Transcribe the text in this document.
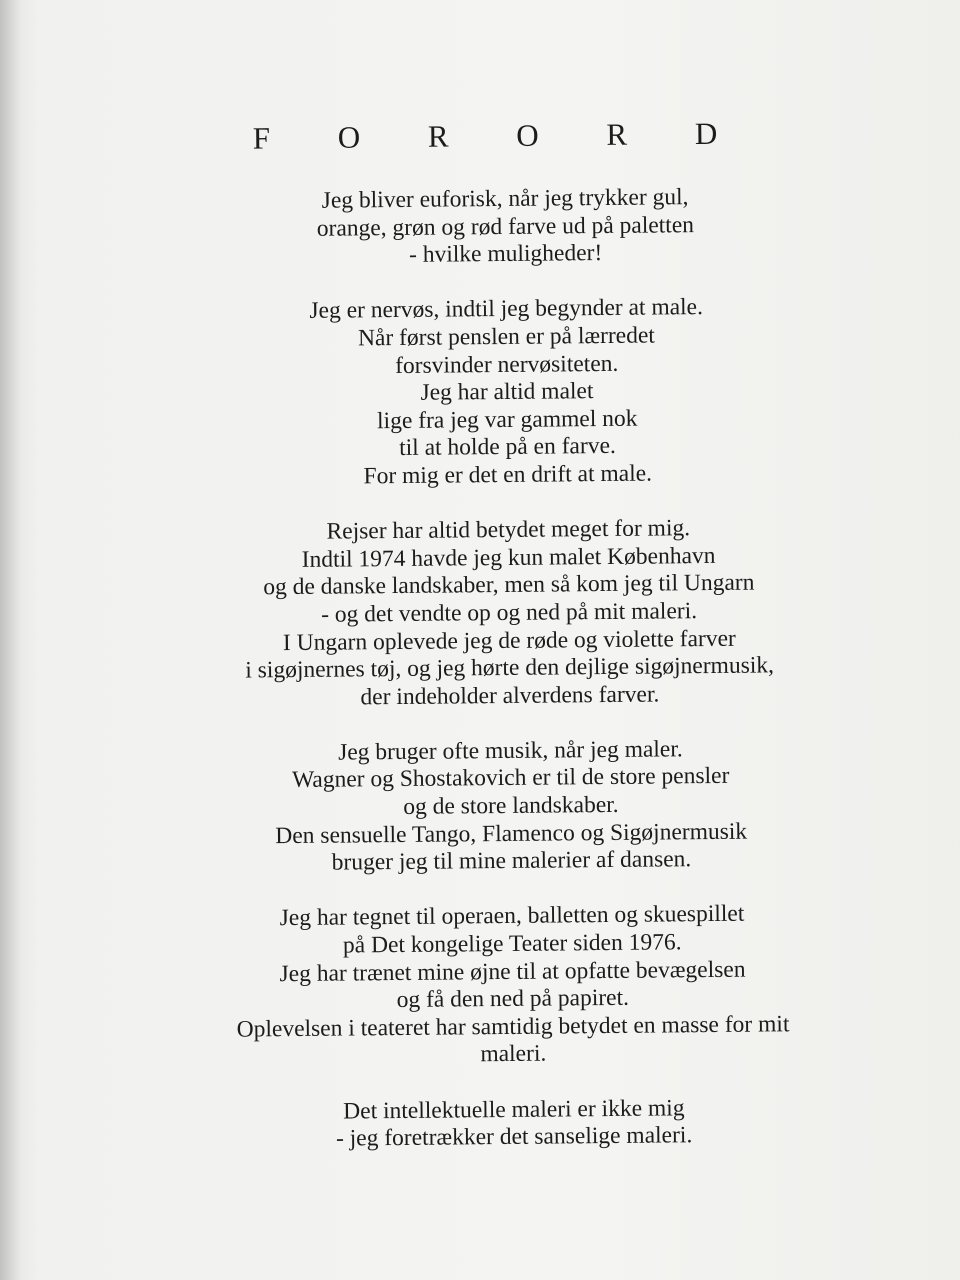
F O R O R D
Jeg bliver euforisk, når jeg trykker gul,
orange, grøn og rød farve ud på paletten
- hvilke muligheder!
Jeg er nervøs, indtil jeg begynder at male.
Når først penslen er på lærredet
forsvinder nervøsiteten.
Jeg har altid malet
lige fra jeg var gammel nok
til at holde på en farve.
For mig er det en drift at male.
Rejser har altid betydet meget for mig.
Indtil 1974 havde jeg kun malet København
og de danske landskaber, men så kom jeg til Ungarn
- og det vendte op og ned på mit maleri.
I Ungarn oplevede jeg de røde og violette farver
i sigøjnernes tøj, og jeg hørte den dejlige sigøjnermusik,
der indeholder alverdens farver.
Jeg bruger ofte musik, når jeg maler.
Wagner og Shostakovich er til de store pensler
og de store landskaber.
Den sensuelle Tango, Flamenco og Sigøjnermusik
bruger jeg til mine malerier af dansen.
Jeg har tegnet til operaen, balletten og skuespillet
på Det kongelige Teater siden 1976.
Jeg har trænet mine øjne til at opfatte bevægelsen
og få den ned på papiret.
Oplevelsen i teateret har samtidig betydet en masse for mit
maleri.
Det intellektuelle maleri er ikke mig
- jeg foretrækker det sanselige maleri.
